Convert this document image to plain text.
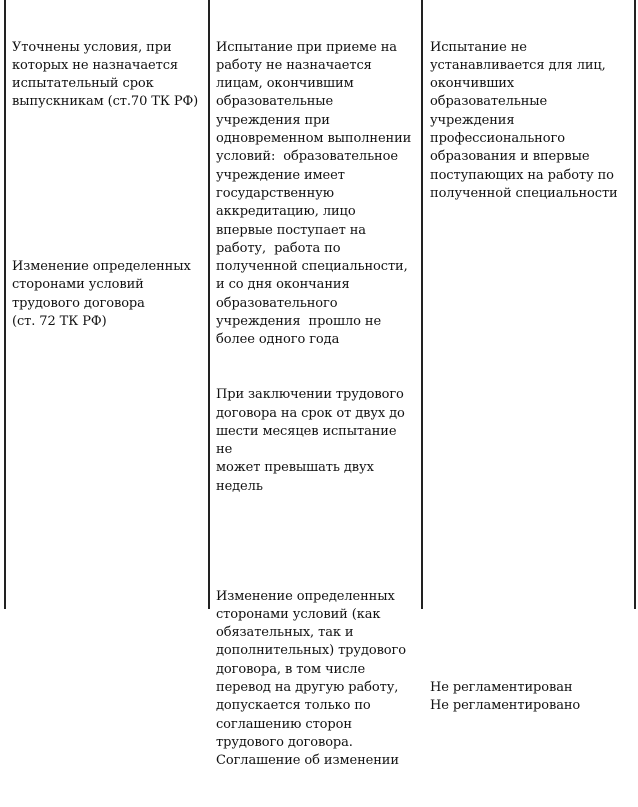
Уточнены условия, при
которых не назначается
испытательный срок
выпускникам (ст.70 ТК РФ)

Изменение определенных
сторонами условий
трудового договора
(ст. 72 ТК РФ)

Испытание при приеме на
работу не назначается
лицам, окончившим
образовательные
учреждения при
одновременном выполнении
условий:  образовательное
учреждение имеет
государственную
аккредитацию, лицо
впервые поступает на
работу,  работа по
полученной специальности,
и со дня окончания
образовательного
учреждения  прошло не
более одного года

При заключении трудового
договора на срок от двух до
шести месяцев испытание не
может превышать двух
недель

Изменение определенных
сторонами условий (как
обязательных, так и
дополнительных) трудового
договора, в том числе
перевод на другую работу,
допускается только по
соглашению сторон
трудового договора.
Соглашение об изменении

Испытание не
устанавливается для лиц,
окончивших
образовательные
учреждения
профессионального
образования и впервые
поступающих на работу по
полученной специальности

Не регламентирован
Не регламентировано
